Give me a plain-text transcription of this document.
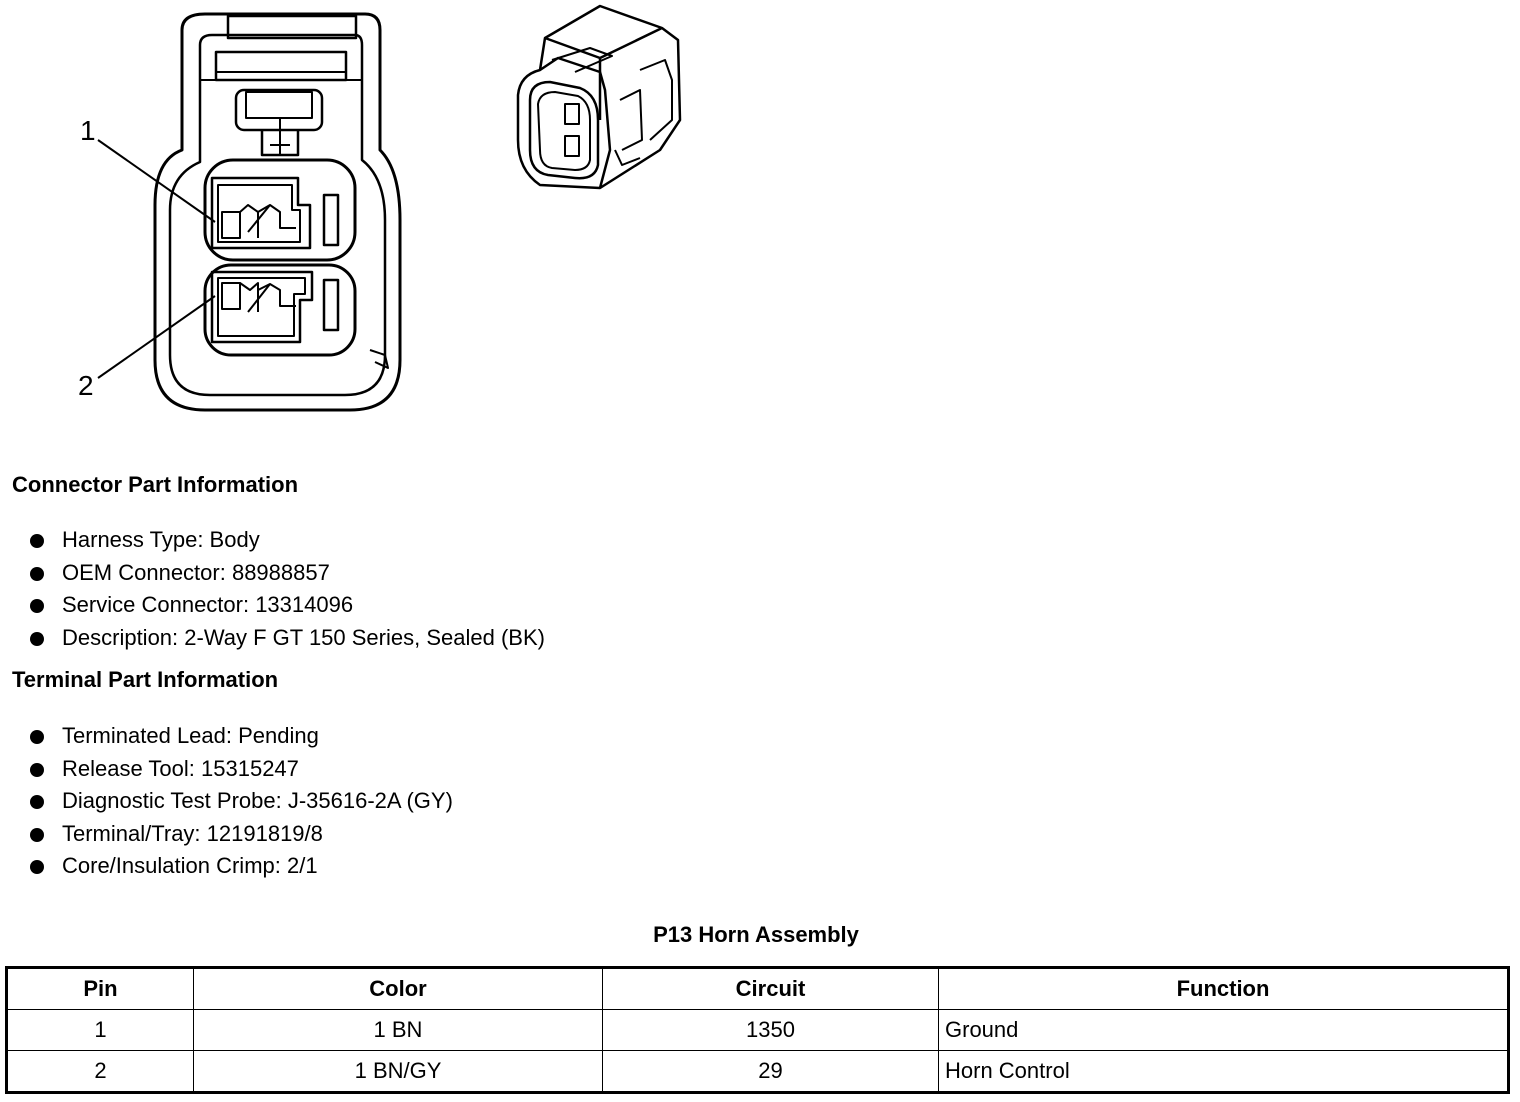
1
2
Connector Part Information
Harness Type: Body
OEM Connector: 88988857
Service Connector: 13314096
Description: 2-Way F GT 150 Series, Sealed (BK)
Terminal Part Information
Terminated Lead: Pending
Release Tool: 15315247
Diagnostic Test Probe: J-35616-2A (GY)
Terminal/Tray: 12191819/8
Core/Insulation Crimp: 2/1
P13 Horn Assembly
Pin	Color	Circuit	Function
1	1 BN	1350	Ground
2	1 BN/GY	29	Horn Control
